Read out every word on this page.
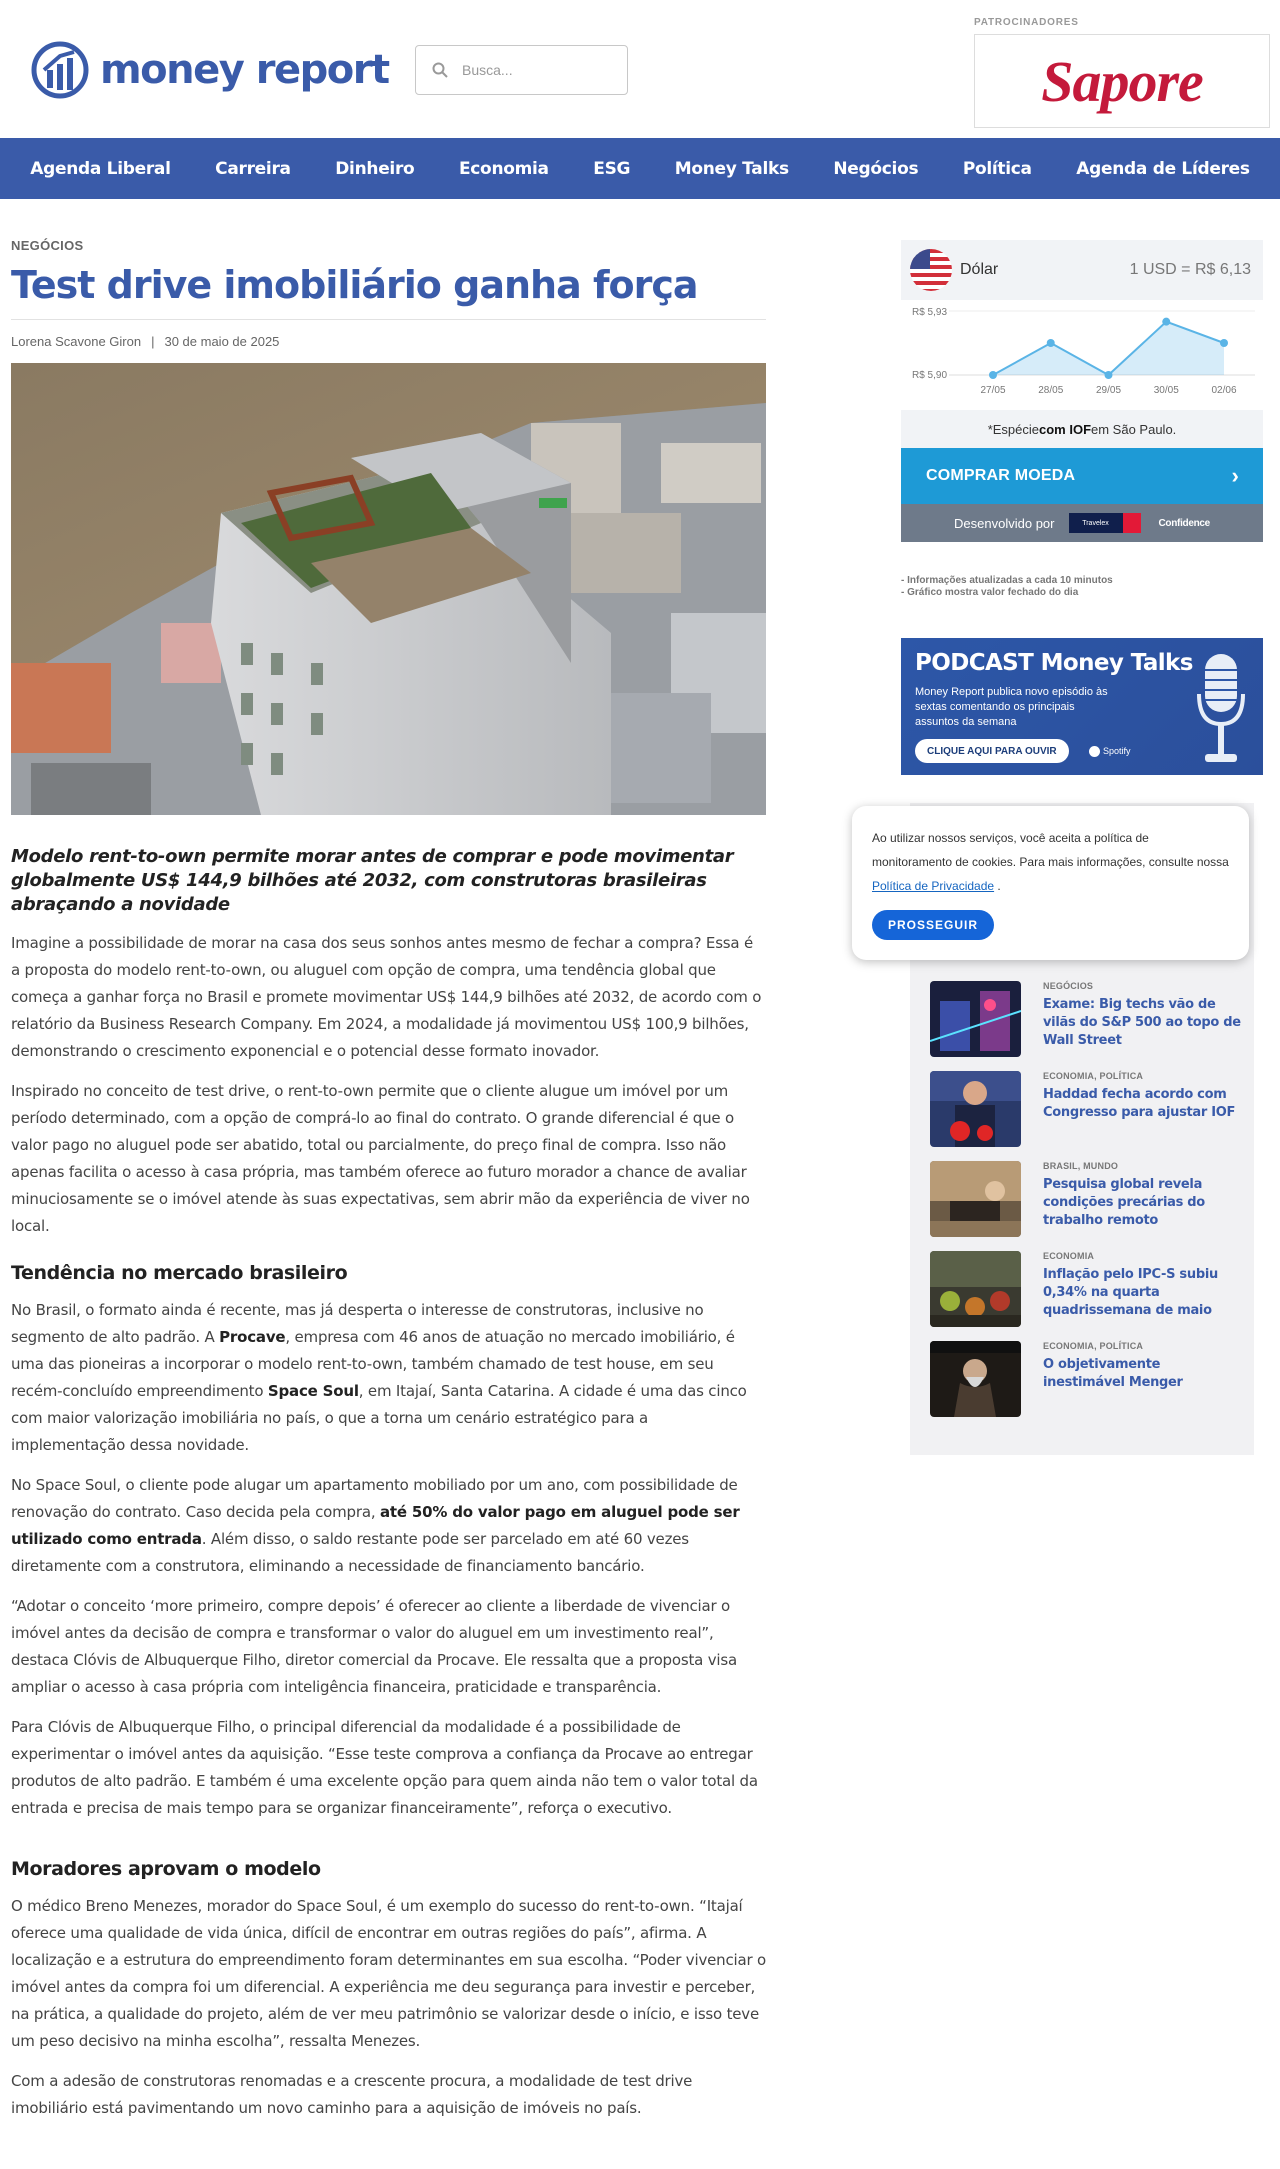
money report
Busca...
PATROCINADORES
Sapore
Agenda Liberal	Carreira	Dinheiro	Economia	ESG	Money Talks	Negócios	Política	Agenda de Líderes
NEGÓCIOS
Test drive imobiliário ganha força
Lorena Scavone Giron | 30 de maio de 2025

Modelo rent-to-own permite morar antes de comprar e pode movimentar globalmente US$ 144,9 bilhões até 2032, com construtoras brasileiras abraçando a novidade

Imagine a possibilidade de morar na casa dos seus sonhos antes mesmo de fechar a compra? Essa é a proposta do modelo rent-to-own, ou aluguel com opção de compra, uma tendência global que começa a ganhar força no Brasil e promete movimentar US$ 144,9 bilhões até 2032, de acordo com o relatório da Business Research Company. Em 2024, a modalidade já movimentou US$ 100,9 bilhões, demonstrando o crescimento exponencial e o potencial desse formato inovador.

Inspirado no conceito de test drive, o rent-to-own permite que o cliente alugue um imóvel por um período determinado, com a opção de comprá-lo ao final do contrato. O grande diferencial é que o valor pago no aluguel pode ser abatido, total ou parcialmente, do preço final de compra. Isso não apenas facilita o acesso à casa própria, mas também oferece ao futuro morador a chance de avaliar minuciosamente se o imóvel atende às suas expectativas, sem abrir mão da experiência de viver no local.

Tendência no mercado brasileiro

No Brasil, o formato ainda é recente, mas já desperta o interesse de construtoras, inclusive no segmento de alto padrão. A Procave, empresa com 46 anos de atuação no mercado imobiliário, é uma das pioneiras a incorporar o modelo rent-to-own, também chamado de test house, em seu recém-concluído empreendimento Space Soul, em Itajaí, Santa Catarina. A cidade é uma das cinco com maior valorização imobiliária no país, o que a torna um cenário estratégico para a implementação dessa novidade.

No Space Soul, o cliente pode alugar um apartamento mobiliado por um ano, com possibilidade de renovação do contrato. Caso decida pela compra, até 50% do valor pago em aluguel pode ser utilizado como entrada. Além disso, o saldo restante pode ser parcelado em até 60 vezes diretamente com a construtora, eliminando a necessidade de financiamento bancário.

“Adotar o conceito ‘more primeiro, compre depois’ é oferecer ao cliente a liberdade de vivenciar o imóvel antes da decisão de compra e transformar o valor do aluguel em um investimento real”, destaca Clóvis de Albuquerque Filho, diretor comercial da Procave. Ele ressalta que a proposta visa ampliar o acesso à casa própria com inteligência financeira, praticidade e transparência.

Para Clóvis de Albuquerque Filho, o principal diferencial da modalidade é a possibilidade de experimentar o imóvel antes da aquisição. “Esse teste comprova a confiança da Procave ao entregar produtos de alto padrão. E também é uma excelente opção para quem ainda não tem o valor total da entrada e precisa de mais tempo para se organizar financeiramente”, reforça o executivo.

Moradores aprovam o modelo

O médico Breno Menezes, morador do Space Soul, é um exemplo do sucesso do rent-to-own. “Itajaí oferece uma qualidade de vida única, difícil de encontrar em outras regiões do país”, afirma. A localização e a estrutura do empreendimento foram determinantes em sua escolha. “Poder vivenciar o imóvel antes da compra foi um diferencial. A experiência me deu segurança para investir e perceber, na prática, a qualidade do projeto, além de ver meu patrimônio se valorizar desde o início, e isso teve um peso decisivo na minha escolha”, ressalta Menezes.

Com a adesão de construtoras renomadas e a crescente procura, a modalidade de test drive imobiliário está pavimentando um novo caminho para a aquisição de imóveis no país.

Dólar	1 USD = R$ 6,13
R$ 5,93
R$ 5,90
27/05	28/05	29/05	30/05	02/06
*Espécie com IOF em São Paulo.
COMPRAR MOEDA	›
Desenvolvido por	Travelex	Confidence
- Informações atualizadas a cada 10 minutos
- Gráfico mostra valor fechado do dia
PODCAST Money Talks
Money Report publica novo episódio às sextas comentando os principais assuntos da semana
CLIQUE AQUI PARA OUVIR	Spotify
NEGÓCIOS
Exame: Big techs vão de vilãs do S&P 500 ao topo de Wall Street
ECONOMIA, POLÍTICA
Haddad fecha acordo com Congresso para ajustar IOF
BRASIL, MUNDO
Pesquisa global revela condições precárias do trabalho remoto
ECONOMIA
Inflação pelo IPC-S subiu 0,34% na quarta quadrissemana de maio
ECONOMIA, POLÍTICA
O objetivamente inestimável Menger

Ao utilizar nossos serviços, você aceita a política de monitoramento de cookies. Para mais informações, consulte nossa Política de Privacidade .

PROSSEGUIR
